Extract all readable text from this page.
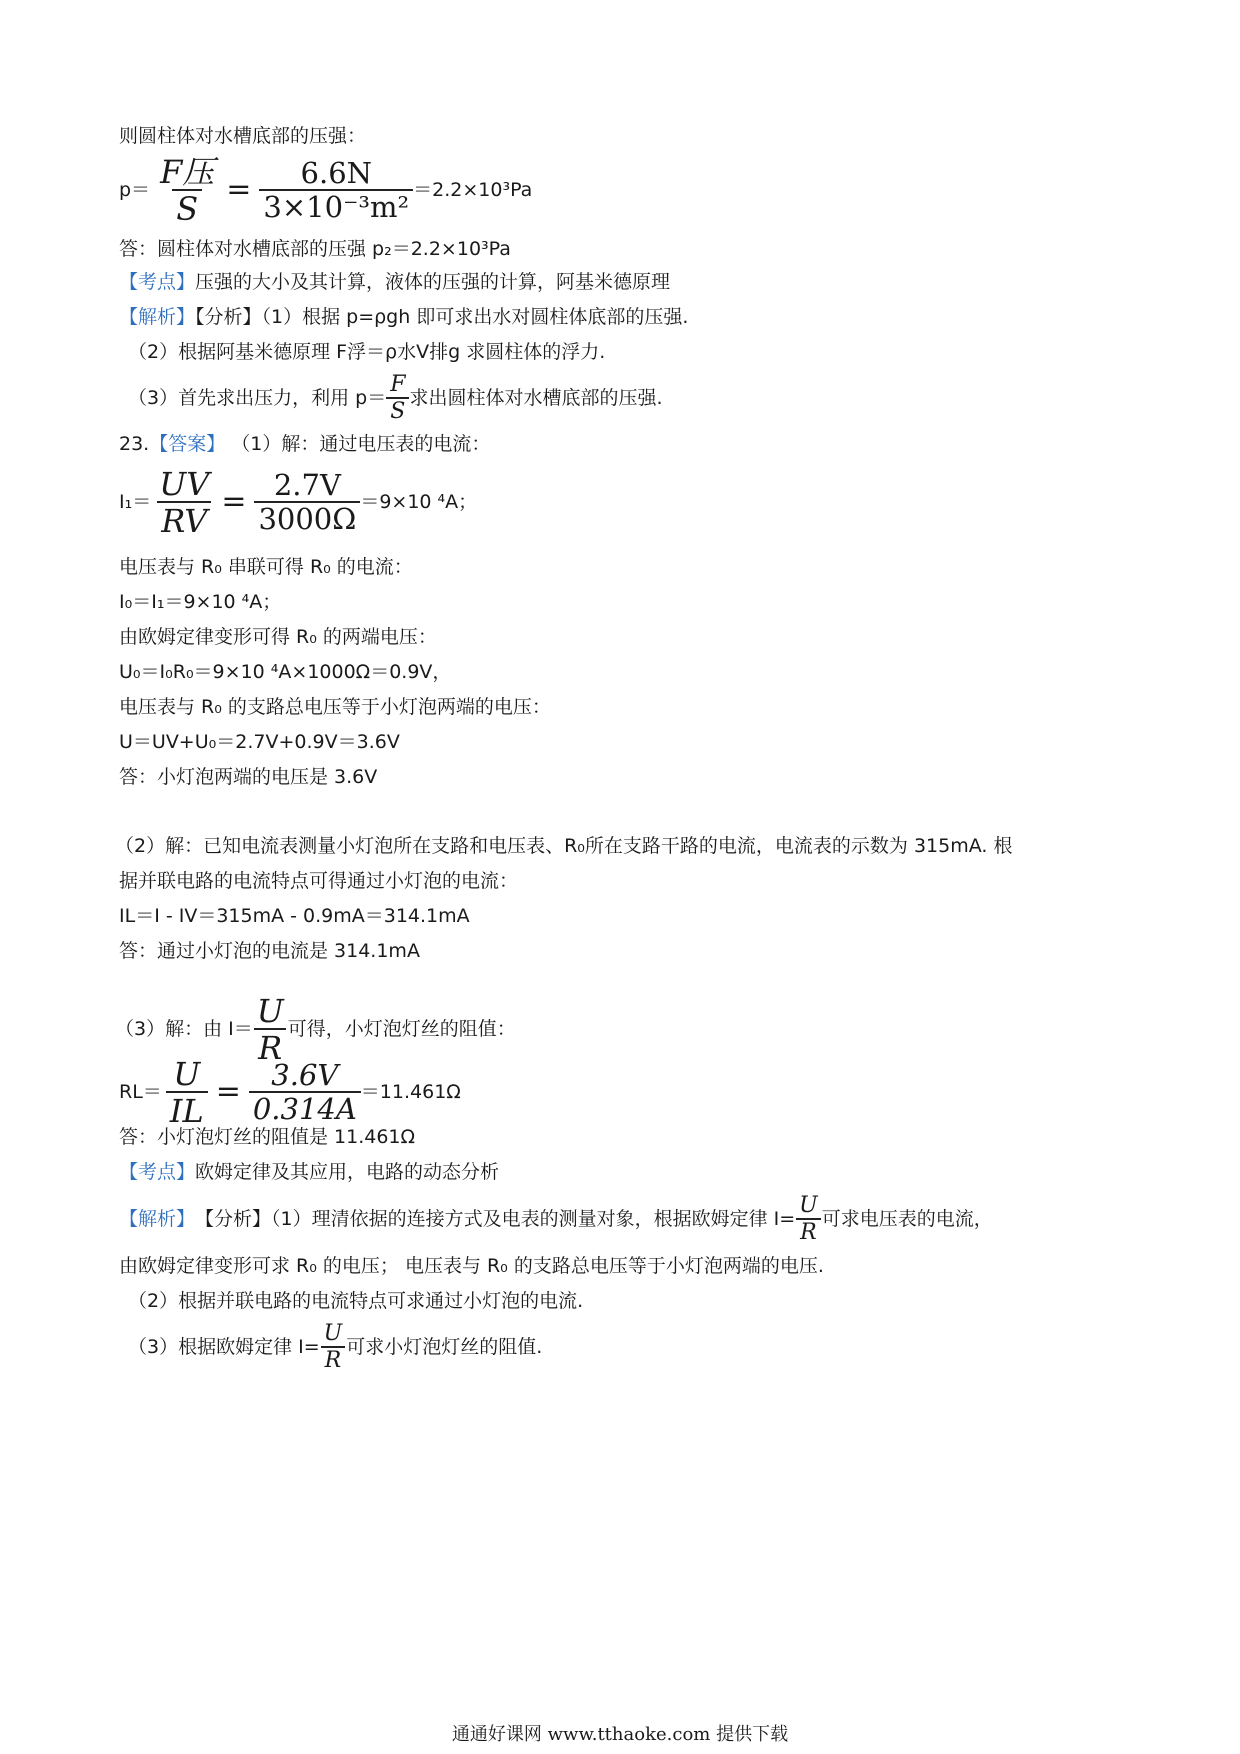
则圆柱体对水槽底部的压强：
$p= \frac{\text{F压}}{S} = \frac{6.6N}{\text{3×10⁻³m²}} =2.2\times 10^3Pa$
答：圆柱体对水槽底部的压强 p₂＝2.2×10³Pa
【考点】压强的大小及其计算，液体的压强的计算，阿基米德原理
【解析】【分析】（1）根据 p=ρgh 即可求出水对圆柱体底部的压强.
（2）根据阿基米德原理 F浮＝ρ水V排g 求圆柱体的浮力.
（3）首先求出压力，利用 $p= \frac{F}{S}$ 求出圆柱体对水槽底部的压强.
23.【答案】 （1）解：通过电压表的电流：
$I_1= \frac{UV}{RV} = \frac{2.7V}{3000\Omega} =9\times 10$ ⁴A；
电压表与 R₀ 串联可得 R₀ 的电流：
I₀＝I₁＝9×10 ⁴A；
由欧姆定律变形可得 R₀ 的两端电压：
U₀＝I₀R₀＝9×10 ⁴A×1000Ω＝0.9V，
电压表与 R₀ 的支路总电压等于小灯泡两端的电压：
U＝UV+U₀＝2.7V+0.9V＝3.6V
答：小灯泡两端的电压是 3.6V
（2）解：已知电流表测量小灯泡所在支路和电压表、R₀所在支路干路的电流，电流表的示数为 315mA. 根
据并联电路的电流特点可得通过小灯泡的电流：
IL＝I - IV＝315mA - 0.9mA＝314.1mA
答：通过小灯泡的电流是 314.1mA
（3）解：由 $I= \frac{U}{R}$ 可得，小灯泡灯丝的阻值：
$RL= \frac{U}{IL} = \frac{3.6V}{0.314A} =11.461\Omega$
答：小灯泡灯丝的阻值是 11.461Ω
【考点】欧姆定律及其应用，电路的动态分析
【解析】 【分析】（1）理清依据的连接方式及电表的测量对象，根据欧姆定律 $I= \frac{U}{R}$ 可求电压表的电流，
由欧姆定律变形可求 R₀ 的电压； 电压表与 R₀ 的支路总电压等于小灯泡两端的电压.
（2）根据并联电路的电流特点可求通过小灯泡的电流.
（3）根据欧姆定律 $I= \frac{U}{R}$ 可求小灯泡灯丝的阻值.
通通好课网 www.tthaoke.com 提供下载
